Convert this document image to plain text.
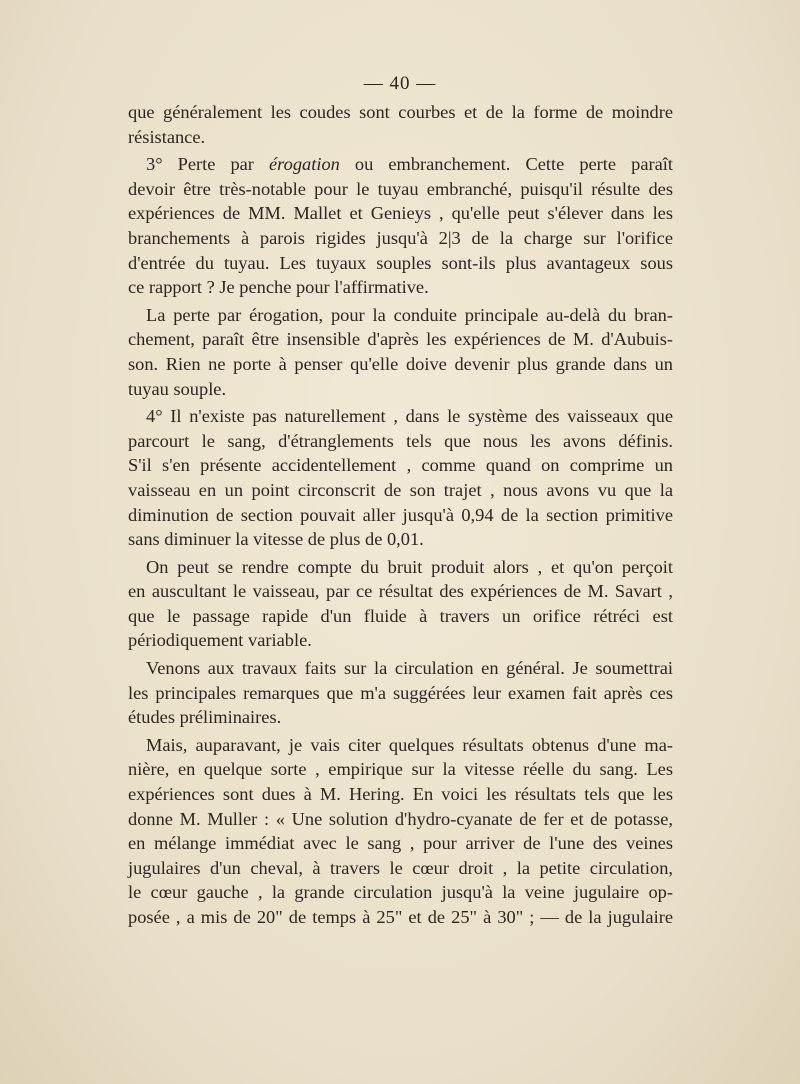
— 40 —
que généralement les coudes sont courbes et de la forme de moindre
résistance.
3° Perte par érogation ou embranchement. Cette perte paraît
devoir être très-notable pour le tuyau embranché, puisqu'il résulte des
expériences de MM. Mallet et Genieys , qu'elle peut s'élever dans les
branchements à parois rigides jusqu'à 2|3 de la charge sur l'orifice
d'entrée du tuyau. Les tuyaux souples sont-ils plus avantageux sous
ce rapport ? Je penche pour l'affirmative.
La perte par érogation, pour la conduite principale au-delà du bran-
chement, paraît être insensible d'après les expériences de M. d'Aubuis-
son. Rien ne porte à penser qu'elle doive devenir plus grande dans un
tuyau souple.
4° Il n'existe pas naturellement , dans le système des vaisseaux que
parcourt le sang, d'étranglements tels que nous les avons définis.
S'il s'en présente accidentellement , comme quand on comprime un
vaisseau en un point circonscrit de son trajet , nous avons vu que la
diminution de section pouvait aller jusqu'à 0,94 de la section primitive
sans diminuer la vitesse de plus de 0,01.
On peut se rendre compte du bruit produit alors , et qu'on perçoit
en auscultant le vaisseau, par ce résultat des expériences de M. Savart ,
que le passage rapide d'un fluide à travers un orifice rétréci est
périodiquement variable.
Venons aux travaux faits sur la circulation en général. Je soumettrai
les principales remarques que m'a suggérées leur examen fait après ces
études préliminaires.
Mais, auparavant, je vais citer quelques résultats obtenus d'une ma-
nière, en quelque sorte , empirique sur la vitesse réelle du sang. Les
expériences sont dues à M. Hering. En voici les résultats tels que les
donne M. Muller : « Une solution d'hydro-cyanate de fer et de potasse,
en mélange immédiat avec le sang , pour arriver de l'une des veines
jugulaires d'un cheval, à travers le cœur droit , la petite circulation,
le cœur gauche , la grande circulation jusqu'à la veine jugulaire op-
posée , a mis de 20" de temps à 25" et de 25" à 30" ; — de la jugulaire
